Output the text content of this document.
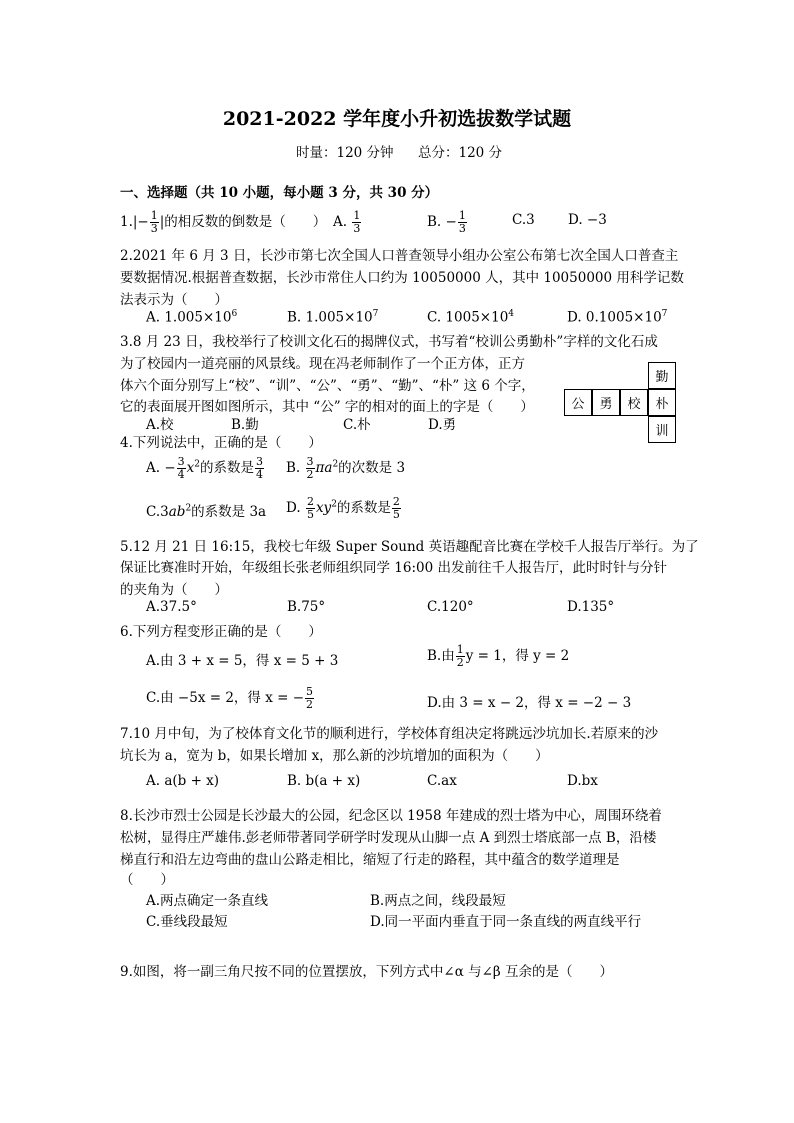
2021-2022 学年度小升初选拔数学试题
时量：120 分钟 总分：120 分
一、选择题（共 10 小题，每小题 3 分，共 30 分）
$1.|- \frac{1}{3}$ |的相反数的倒数是（　　） A. $\frac{1}{3}$	B. − $\frac{1}{3}$	C.3 D. −3
2.2021 年 6 月 3 日，长沙市第七次全国人口普查领导小组办公室公布第七次全国人口普查主
要数据情况.根据普查数据，长沙市常住人口约为 10050000 人，其中 10050000 用科学记数
法表示为（　　）
A. $1.005\times 10^6$	B. $1.005\times 10^7$	C. $1005\times 10^4$	D. $0.1005\times 10^7$
3.8 月 23 日，我校举行了校训文化石的揭牌仪式，书写着“校训公勇勤朴”字样的文化石成
为了校园内一道亮丽的风景线。现在冯老师制作了一个正方体，正方
体六个面分别写上“校”、“训”、“公”、“勇”、“勤”、“朴” 这 6 个字，
它的表面展开图如图所示，其中 “公” 字的相对的面上的字是（　　）
A.校	B.勤	C.朴	D.勇
勤
公	勇	校	朴
训
4.下列说法中，正确的是（　　）
A. − $\frac{3}{4} x^2$的系数是 $\frac{3}{4} B$. $\frac{3}{2} \pi a^2$的次数是 3
$C.3ab^2$的系数是 3a D. $\frac{2}{5} xy^2$的系数是 $\frac{2}{5}$
5.12 月 21 日 16:15，我校七年级 Super Sound 英语趣配音比赛在学校千人报告厅举行。为了
保证比赛准时开始，年级组长张老师组织同学 16:00 出发前往千人报告厅，此时时针与分针
的夹角为（　　）
A.37.5°	B.75°	C.120°	D.135°
6.下列方程变形正确的是（　　）
A.由 3 + x = 5，得 x = 5 + 3	B.由 $\frac{1}{2}$ y = 1，得 y = 2
C.由 −5x = 2，得 x = − $\frac{5}{2}$	D.由 3 = x − 2，得 x = −2 − 3
7.10 月中旬，为了校体育文化节的顺利进行，学校体育组决定将跳远沙坑加长.若原来的沙
坑长为 a，宽为 b，如果长增加 x，那么新的沙坑增加的面积为（　　）
A. a(b + x)	B. b(a + x)	C.ax	D.bx
8.长沙市烈士公园是长沙最大的公园，纪念区以 1958 年建成的烈士塔为中心，周围环绕着
松树，显得庄严雄伟.彭老师带著同学研学时发现从山脚一点 A 到烈士塔底部一点 B，沿楼
梯直行和沿左边弯曲的盘山公路走相比，缩短了行走的路程，其中蕴含的数学道理是
（　　）
A.两点确定一条直线	B.两点之间，线段最短
C.垂线段最短	D.同一平面内垂直于同一条直线的两直线平行
9.如图，将一副三角尺按不同的位置摆放，下列方式中∠α 与∠β 互余的是（　　）
